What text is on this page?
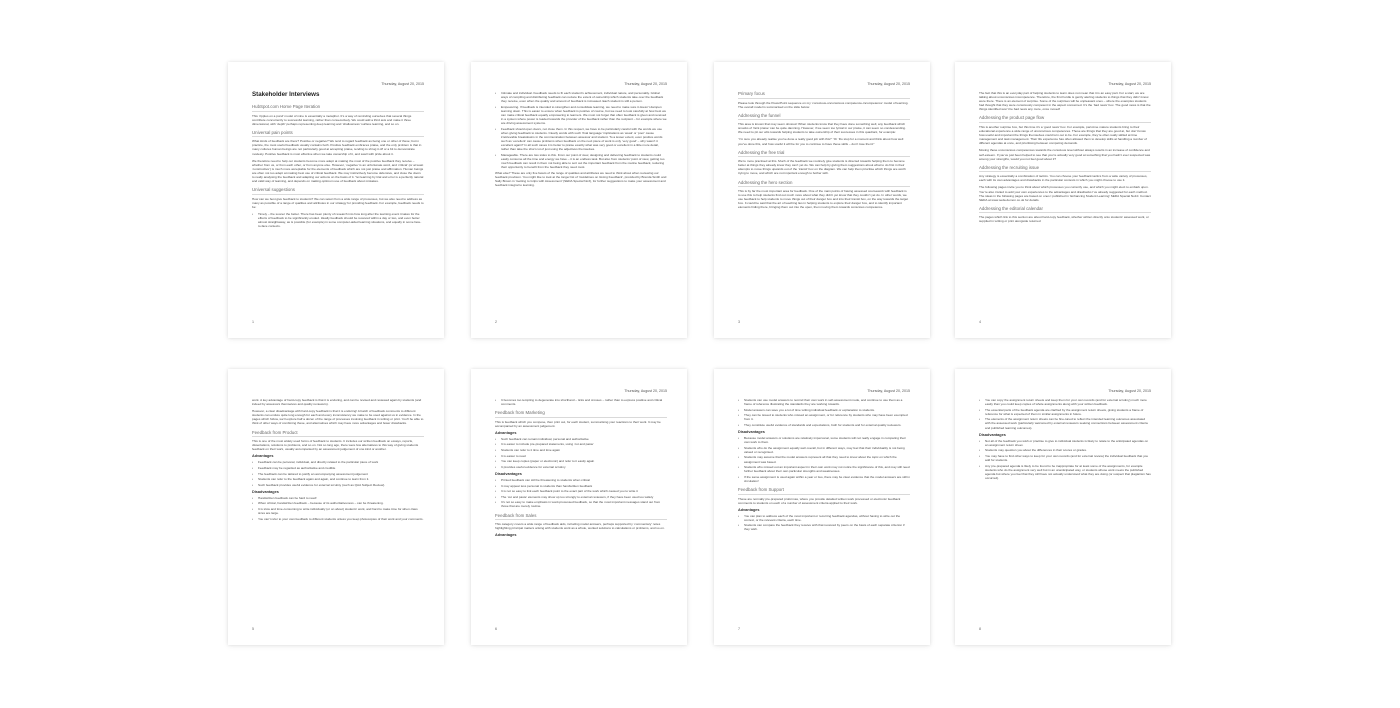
Thursday, August 20, 2015
Stakeholder Interviews
HubSpot.com Home Page Iteration
This ‘ripples on a pond’ model of mine is essentially a metaphor. It’s a way of reminding ourselves that several things contribute concurrently to successful learning, rather than consecutively. We could add a third axis and make it three dimensional, with ‘depth’ perhaps representing deep learning and ‘shallowness’ surface learning, and so on.
Universal pain points
What kinds of feedback are there? Positive or negative? We tend to regard feedback as being one or other of these; but in practice, the most useful feedback usually contains both. Positive feedback embraces praise, and the only problem is that in many cultures human beings are not particularly good at accepting praise, tending to shrug it off or a bit to demonstrate modesty. Positive feedback is most effective when we take ownership of it, and swell with pride about it.
We therefore need to help our students become more adept at making the most of the positive feedback they receive – whether from us, or from each other, or from anyone else. However, ‘negative’ is an unfortunate word, and ‘critical’ (or at least ‘constructive’) is much more acceptable for the elements of feedback which are not just praise and affirmation. Human beings are often not too adept at making best use of critical feedback. We may instinctively become defensive, and close the doors to really analysing the feedback and adapting our actions on the basis of it. Yet learning by trial and error is a perfectly natural and valid way of learning, and depends on making optimum use of feedback about mistakes.
Universal suggestions
How can we best give feedback to students? We can select from a wide range of processes, but we also need to address as many as possible of a range of qualities and attributes in our strategy for providing feedback. For example, feedback needs to be:
• Timely – the sooner the better. There has been plenty of research into how long after the learning event it takes for the effects of feedback to be significantly eroded. Ideally feedback should be received within a day or two, and even better almost straightaway, as is possible (for example) in some computer-aided learning situations, and equally in some face-to-face contexts.
1
Thursday, August 20, 2015
• Intimate and individual. Feedback needs to fit each student’s achievement, individual nature, and personality. Global ways of compiling and distributing feedback can reduce the extent of ownership which students take over the feedback they receive, even when the quality and amount of feedback is increased. Each student is still a person.
• Empowering. If feedback is intended to strengthen and consolidate learning, we need to make sure it doesn’t dampen learning down. This is easier to ensure when feedback is positive of course, but we need to look carefully at how best we can make critical feedback equally empowering to learners. We must not forget that often feedback is given and received in a system where power is loaded towards the provider of the feedback rather than the recipient – for example where we are driving assessment systems.
• Feedback should open doors, not close them. In this respect, we have to be particularly careful with the words we use when giving feedback to students. Clearly words with such ‘final language’ implications as ‘weak’ or ‘poor’ cause irretrievable breakdowns in the communication between assessor and student. To a lesser extent, even positive words such as ‘excellent’ can cause problems when feedback on the next piece of work is only ‘very good’ – why wasn’t it excellent again? In all such cases it is better to praise exactly what was very good or excellent in a little more detail, rather than take the short cut of just using the adjectives themselves.
• Manageable. There are two sides to this. From our point of view, designing and delivering feedback to students could easily consume all the time and energy we have – it is an endless task. But also from students’ point of view, getting too much feedback can result in them not being able to sort out the important feedback from the routine feedback, reducing their opportunity to benefit from the feedback they need most.
What else? These are only five facets of the range of qualities and attributes we need to think about when reviewing our feedback provision. You might like to look at the longer list of ‘Guidelines on Giving Feedback’, provided by Brenda Smith and Sally Brown in ‘Getting to Grips with Assessment’ (SEDA Special No3), for further suggestions to make your assessment and feedback integral to learning.
2
Thursday, August 20, 2015
Primary focus
Please look through the PowerPoint sequence on my ‘conscious-unconscious competence-incompetence’ model of learning. The overall model is summarised on the slide below:
Addressing the funnel
This area is known that may seem obvious! When students know that they have done something well, any feedback which smacks of ‘faint praise’ can be quite damning. However, if we seem too lyrical in our praise, it can seem so condescending. We need to pit our wits towards helping students to take ownership of their successes in this quadrant, for example:
“I’m sure you already realise you’ve done a really good job with this!” “Or ‘Do stop for a moment and think about how well you’ve done this, and how useful it will be for you to continue to have these skills – don’t lose them!”
Addressing the free trial
We’re more practised at this. Much of the feedback we routinely give students is directed towards helping them to become better at things they already know they can’t yet do. We can help by giving them suggestions about what to do first in their attempts to move things upwards out of the ‘transit’ box on the diagram. We can help them prioritise which things are worth trying to move, and which are not important enough to bother with.
Addressing the hero section
This is by far the most important area for feedback. One of the main points of having assessed coursework with feedback is to use this to help students find out much more about what they didn’t yet know that they couldn’t yet do. In other words, we use feedback to help students to move things out of their danger box and into their transit box, on the way towards the target box. It could be said that the art of teaching lies in helping students to explore their danger box, and to identify important elements hiding there, bringing them out into the open, then moving them towards conscious competence.
3
Thursday, August 20, 2015
The fact that this is an everyday part of helping students to learn does not mean that it is an easy part. For a start, we are talking about unconscious incompetence. Therefore, the first hurdle is gently alerting students to things that they didn’t know were there. There is an element of surprise. Some of the surprises will be unpleasant ones – where the examples students had thought that they were consciously competent in the aspect concerned. It’s the ‘bad news’ box. The good news is that the things identified won’t be bad news any more, once moved!
Addressing the product page flow
This is another surprise box, but this time it’s a ‘good news’ box. For example, part-time mature students bring to their educational experience a wide range of unconscious competences. These are things that they are good at, but don’t know how useful and important the things themselves could turn out to be. For example, they’re often really skilled at time management and task management. Their life experience has often allowed them to develop skills at handling a number of different agendas at once, and prioritising between competing demands.
Moving these unconscious competences towards the conscious level without always results in an increase of confidence and self-esteem. If you’ve just been helped to see that you’re actually very good at something that you hadn’t ever suspected was among your strengths, would you not feel good about it?
Addressing the recruiting issue
Any strategy is essentially a combination of tactics. You can choose your feedback tactics from a wide variety of processes, each with its own advantages and drawbacks in the particular contexts in which you might choose to use it.
The following pages invite you to think about which processes you currently use, and which you might elect to embark upon. You’re also invited to add your own experiences to the advantages and drawbacks I’ve already suggested for each method. The ideas in the following pages are based on ones I published in ‘Enhancing Student Learning’ SEDA Special No10. Contact SEDA at www.seda.demon.co.uk for details.
Addressing the editorial calendar
The pages which link to this section are about hard-copy feedback, whether written directly onto students’ assessed work, or supplied in writing or print alongside returned
4
work. A key advantage of hard-copy feedback is that it is enduring, and can be revised and reviewed again by students (and indeed by assessors themselves and quality reviewers).
However, a clear disadvantage with hard-copy feedback is that it is enduring! A batch of feedback comments to different students can endure quite long enough for each and every inconsistency we make to be used against us in evidence. In the pages which follow, we’ll explore half a dozen of the range of processes involving feedback in writing or print. You’ll be able to think of other ways of combining these, and alternatives which may have more advantages and fewer drawbacks.
Feedback from Product
This is one of the most widely used forms of feedback to students. It includes our written feedback on essays, reports, dissertations, solutions to problems, and so on. Not so long ago, there were few alternatives to this way of giving students feedback on their work, usually accompanied by an assessment judgement of one kind or another.
Advantages
• Feedback can be personal, individual, and directly related to the particular piece of work
• Feedback may be regarded as authoritative and credible
• The feedback can be tailored to justify an accompanying assessment judgement
• Students can refer to the feedback again and again, and continue to learn from it.
• Such feedback provides useful evidence for external scrutiny (such as QAA Subject Review).
Disadvantages
• Handwritten feedback can be hard to read!
• When critical, handwritten feedback – because of its authoritativeness – can be threatening.
• It is slow and time-consuming to write individually (or on about) students’ work, and hard to make time for when class sizes are large.
• You can’t refer to your own feedback to different students unless you keep photocopies of their work and your comments.
5
Thursday, August 20, 2015
• It becomes too tempting to degenerate into shorthand – ticks and crosses – rather than to express positive and critical comments.
Feedback from Marketing
This is feedback which you compose, then print out, for each student, summarising your reactions to their work. It may be accompanied by an assessment judgement.
Advantages
• Such feedback can remain individual, personal and authoritative
• It is easier to include pre-prepared statements, using ‘cut and paste’
• Students can refer to it time and time again
• It is easier to read
• You can keep copies (paper or electronic) and refer to it easily again
• It provides useful evidence for external scrutiny
Disadvantages
• Printed feedback can still be threatening to students when critical
• It may appear less personal to students than handwritten feedback
• It is not so easy to link each feedback point to the exact part of the work which caused you to write it
• The ‘cut and paste’ elements may show up too strongly to external reviewers, if they have been used too widely
• It’s not so easy to make emphasis in word-processed feedback, so that the most important messages stand out from those that are merely routine.
Feedback from Sales
This category covers a wide range of feedback aids, including model answers, perhaps supported by ‘commentary’ notes highlighting principal matters arising with students work as a whole, worked solutions to calculations or problems, and so on.
Advantages
6
Thursday, August 20, 2015
• Students can use model answers to remind their own work in self-assessment mode, and continue to use them as a frame of reference illustrating the standards they are working towards.
• Model answers can save you a lot of time writing individual feedback or explanation to students.
• They can be issued to students who missed an assignment, or for reference by students who may have been exempted from it.
• They constitute useful evidence of standards and expectations, both for students and for external quality reviewers.
Disadvantages
• Because model answers or solutions are relatively impersonal, some students will not really engage in comparing their own work to them.
• Students who do the assignment equally well overall, but in different ways, may feel that their individuality is not being valued or recognised.
• Students may assume that the model answers represent all that they need to know about the topic on which the assignment was based.
• Students who missed out an important aspect in their own work may not notice the significance of this, and may still need further feedback about their own particular strengths and weaknesses.
• If the same assignment is used again within a year or two, there may be clear evidence that the model answers are still in circulation!
Feedback from Support
These are normally pre-prepared proformas, where you provide detailed written work processed or electronic feedback comments to students on each of a number of assessment criteria applied to their work.
Advantages
• You can plan to address each of the most important or recurring feedback agendas, without having to write out the context, or the relevant criteria, each time.
• Students can compare the feedback they receive with that received by peers on the basis of each separate criterion if they wish.
7
Thursday, August 20, 2015
• You can copy the assignment return sheets and keep them for your own records (and for external scrutiny) much more easily than you could keep copies of whole assignments along with your written feedback.
• The essential parts of the feedback agenda are clarified by the assignment return sheets, giving students a frame of reference for what is expected of them in similar assignments in future.
• The elements of the assignment return sheets can be fine-tuned to reflect the intended learning outcomes associated with the assessed work (particularly welcomed by external reviewers seeking connections between assessment criteria and published learning outcomes).
Disadvantages
• Not all of the feedback you wish or practise to give to individual students is likely to relate to the anticipated agendas on an assignment return sheet.
• Students may question you about the differences in their scores or grades.
• You may have to find other ways to keep for your own records (and for external review) the individual feedback that you add for students.
• Any pre-prepared agenda is likely to be found to be inappropriate for at least some of the assignments, for example students who do the assignment very well but in an unanticipated way, or students whose work meets the published agenda but where you feel that they still have not actually understood what they are doing (or suspect that plagiarism has occurred).
8
